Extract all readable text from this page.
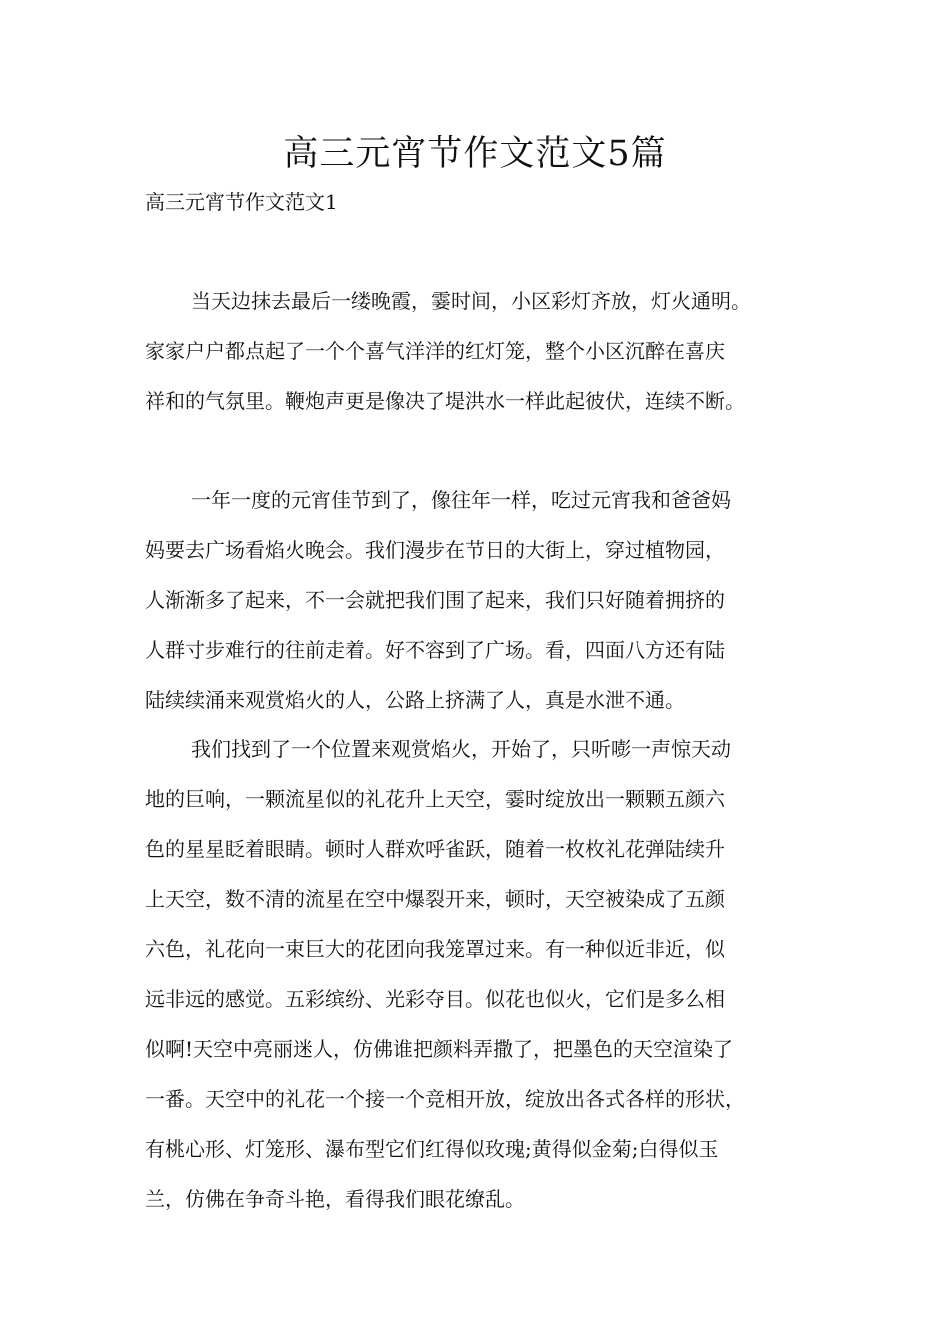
高三元宵节作文范文5篇

高三元宵节作文范文1

当天边抹去最后一缕晚霞，霎时间，小区彩灯齐放，灯火通明。
家家户户都点起了一个个喜气洋洋的红灯笼，整个小区沉醉在喜庆
祥和的气氛里。鞭炮声更是像决了堤洪水一样此起彼伏，连续不断。
一年一度的元宵佳节到了，像往年一样，吃过元宵我和爸爸妈
妈要去广场看焰火晚会。我们漫步在节日的大街上，穿过植物园，
人渐渐多了起来，不一会就把我们围了起来，我们只好随着拥挤的
人群寸步难行的往前走着。好不容到了广场。看，四面八方还有陆
陆续续涌来观赏焰火的人，公路上挤满了人，真是水泄不通。
我们找到了一个位置来观赏焰火，开始了，只听嘭一声惊天动
地的巨响，一颗流星似的礼花升上天空，霎时绽放出一颗颗五颜六
色的星星眨着眼睛。顿时人群欢呼雀跃，随着一枚枚礼花弹陆续升
上天空，数不清的流星在空中爆裂开来，顿时，天空被染成了五颜
六色，礼花向一束巨大的花团向我笼罩过来。有一种似近非近，似
远非远的感觉。五彩缤纷、光彩夺目。似花也似火，它们是多么相
似啊!天空中亮丽迷人，仿佛谁把颜料弄撒了，把墨色的天空渲染了
一番。天空中的礼花一个接一个竞相开放，绽放出各式各样的形状，
有桃心形、灯笼形、瀑布型它们红得似玫瑰;黄得似金菊;白得似玉
兰，仿佛在争奇斗艳，看得我们眼花缭乱。
